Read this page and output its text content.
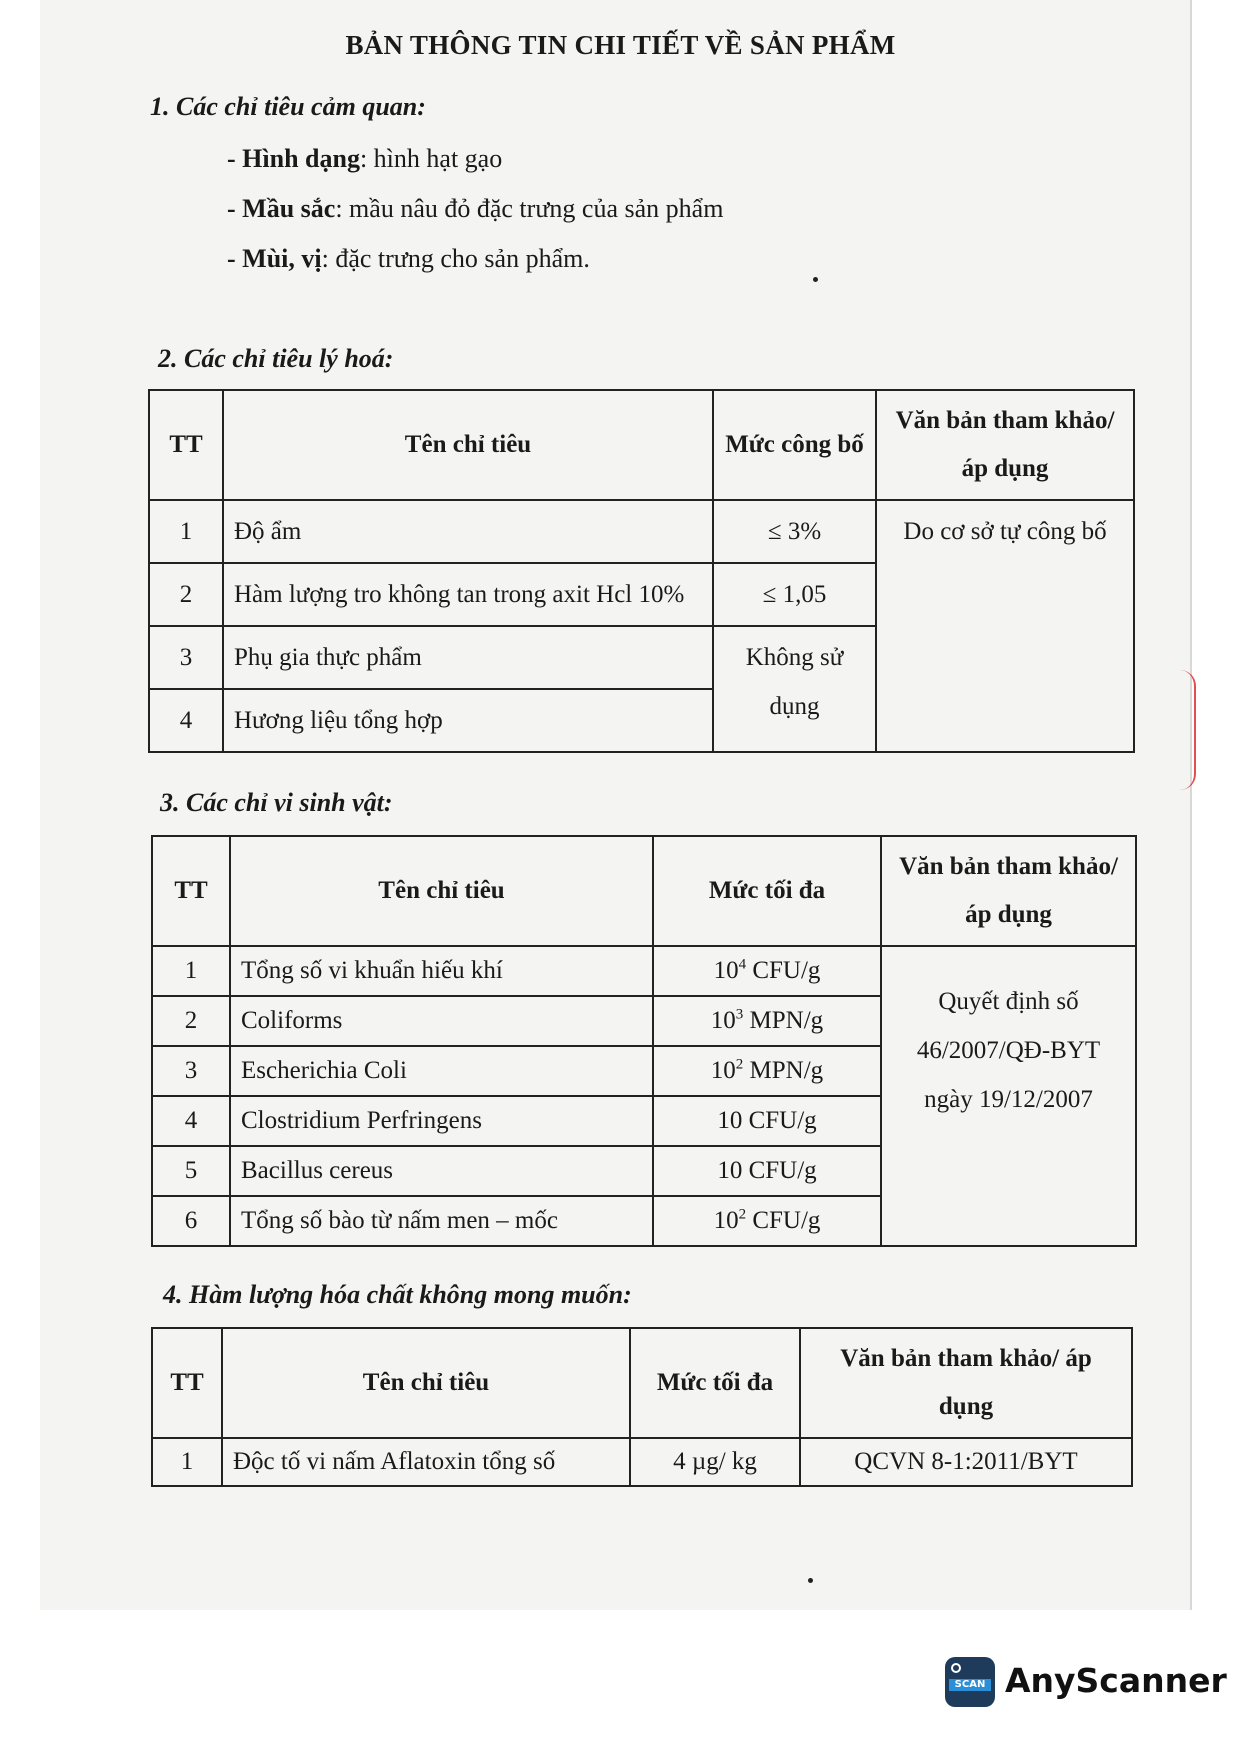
BẢN THÔNG TIN CHI TIẾT VỀ SẢN PHẨM
1. Các chỉ tiêu cảm quan:
- Hình dạng: hình hạt gạo
- Mầu sắc: mầu nâu đỏ đặc trưng của sản phẩm
- Mùi, vị: đặc trưng cho sản phẩm.
2. Các chỉ tiêu lý hoá:
TT	Tên chỉ tiêu	Mức công bố	Văn bản tham khảo/ áp dụng
1	Độ ẩm	≤ 3%	Do cơ sở tự công bố
2	Hàm lượng tro không tan trong axit Hcl 10%	≤ 1,05	
3	Phụ gia thực phẩm	Không sử dụng	
4	Hương liệu tổng hợp		
3. Các chỉ vi sinh vật:
TT	Tên chỉ tiêu	Mức tối đa	Văn bản tham khảo/ áp dụng
1	Tổng số vi khuẩn hiếu khí	$10^4$ CFU/g	Quyết định số
46/2007/QĐ-BYT
ngày 19/12/2007

2	Coliforms	$10^3$ MPN/g	
3	Escherichia Coli	$10^2$ MPN/g	
4	Clostridium Perfringens	10 CFU/g	
5	Bacillus cereus	10 CFU/g	
6	Tổng số bào từ nấm men – mốc	$10^2$ CFU/g	
4. Hàm lượng hóa chất không mong muốn:
TT	Tên chỉ tiêu	Mức tối đa	Văn bản tham khảo/ áp dụng
1	Độc tố vi nấm Aflatoxin tổng số	4 µg/ kg	QCVN 8-1:2011/BYT
SCAN AnyScanner
